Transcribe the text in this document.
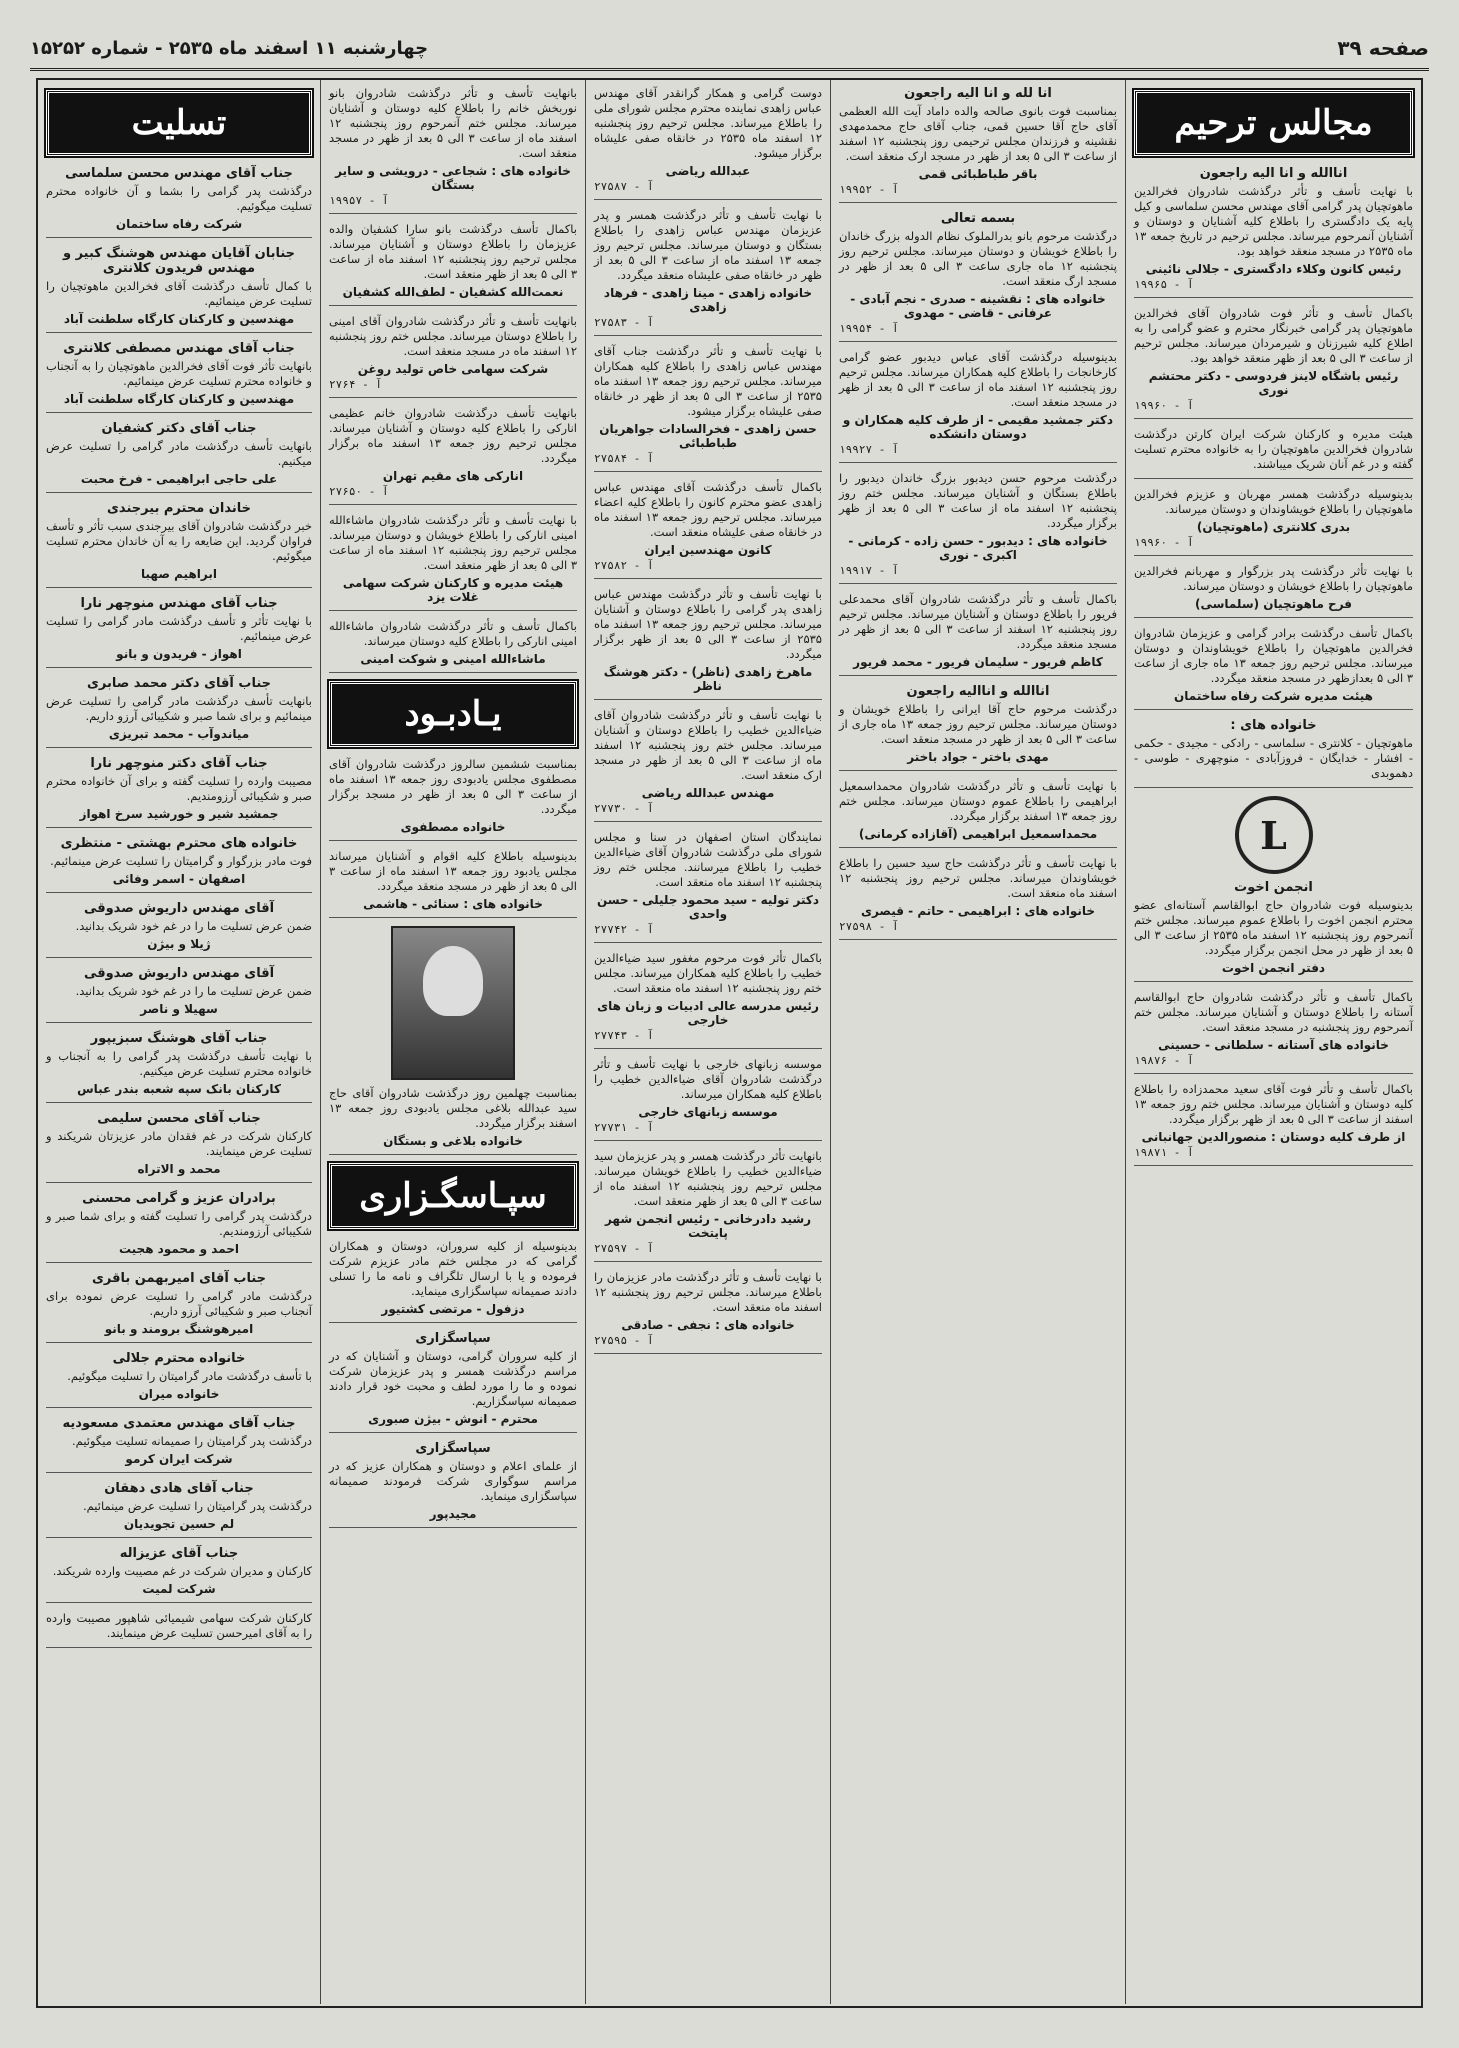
چهارشنبه ۱۱ اسفند ماه ۲۵۳۵ - شماره ۱۵۲۵۲	صفحه ۳۹
مجالس ترحیم
اناالله و انا الیه راجعون
با نهایت تأسف و تأثر درگذشت شادروان فخرالدین ماهوتچیان پدر گرامی آقای مهندس محسن سلماسی و کیل پایه یک دادگستری را باطلاع کلیه آشنایان و دوستان و آشنایان آنمرحوم میرساند. مجلس ترحیم در تاریخ جمعه ۱۳ ماه ۲۵۳۵ در مسجد منعقد خواهد بود.
رئیس کانون وکلاء دادگستری - جلالی نائینی
آ - ۱۹۹۶۵
باکمال تأسف و تأثر فوت شادروان آقای فخرالدین ماهوتچیان پدر گرامی خبرنگار محترم و عضو گرامی را به اطلاع کلیه شیرزنان و شیرمردان میرساند. مجلس ترحیم از ساعت ۳ الی ۵ بعد از ظهر منعقد خواهد بود.
رئیس باشگاه لاینز فردوسی - دکتر محتشم نوری
آ - ۱۹۹۶۰
هیئت مدیره و کارکنان شرکت ایران کارتن درگذشت شادروان فخرالدین ماهوتچیان را به خانواده محترم تسلیت گفته و در غم آنان شریک میباشند.
بدینوسیله درگذشت همسر مهربان و عزیزم فخرالدین ماهوتچیان را باطلاع خویشاوندان و دوستان میرساند.
بدری کلانتری (ماهوتچیان)
آ - ۱۹۹۶۰
با نهایت تأثر درگذشت پدر بزرگوار و مهربانم فخرالدین ماهوتچیان را باطلاع خویشان و دوستان میرساند.
فرح ماهوتچیان (سلماسی)
باکمال تأسف درگذشت برادر گرامی و عزیزمان شادروان فخرالدین ماهوتچیان را باطلاع خویشاوندان و دوستان میرساند. مجلس ترحیم روز جمعه ۱۳ ماه جاری از ساعت ۳ الی ۵ بعدازظهر در مسجد منعقد میگردد.
هیئت مدیره شرکت رفاه ساختمان
خانواده های :
ماهوتچیان - کلانتری - سلماسی - رادکی - مجیدی - حکمی - افشار - خدایگان - فروزآبادی - منوچهری - طوسی - دهموبدی
L
انجمن اخوت
بدینوسیله فوت شادروان حاج ابوالقاسم آستانه‌ای عضو محترم انجمن اخوت را باطلاع عموم میرساند. مجلس ختم آنمرحوم روز پنجشنبه ۱۲ اسفند ماه ۲۵۳۵ از ساعت ۳ الی ۵ بعد از ظهر در محل انجمن برگزار میگردد.
دفتر انجمن اخوت
باکمال تأسف و تأثر درگذشت شادروان حاج ابوالقاسم آستانه را باطلاع دوستان و آشنایان میرساند. مجلس ختم آنمرحوم روز پنجشنبه در مسجد منعقد است.
خانواده های آستانه - سلطانی - حسینی
آ - ۱۹۸۷۶
باکمال تأسف و تأثر فوت آقای سعید محمدزاده را باطلاع کلیه دوستان و آشنایان میرساند. مجلس ختم روز جمعه ۱۳ اسفند از ساعت ۳ الی ۵ بعد از ظهر برگزار میگردد.
از طرف کلیه دوستان : منصورالدین جهانبانی
آ - ۱۹۸۷۱
انا لله و انا الیه راجعون
بمناسبت فوت بانوی صالحه والده داماد آیت الله العظمی آقای حاج آقا حسین قمی، جناب آقای حاج محمدمهدی نقشینه و فرزندان مجلس ترحیمی روز پنجشنبه ۱۲ اسفند از ساعت ۳ الی ۵ بعد از ظهر در مسجد ارک منعقد است.
باقر طباطبائی قمی
آ - ۱۹۹۵۲
بسمه تعالی
درگذشت مرحوم بانو بدرالملوک نظام الدوله بزرگ خاندان را باطلاع خویشان و دوستان میرساند. مجلس ترحیم روز پنجشنبه ۱۲ ماه جاری ساعت ۳ الی ۵ بعد از ظهر در مسجد ارگ منعقد است.
خانواده های : نقشینه - صدری - نجم آبادی - عرفانی - قاضی - مهدوی
آ - ۱۹۹۵۴
بدینوسیله درگذشت آقای عباس دیدبور عضو گرامی کارخانجات را باطلاع کلیه همکاران میرساند. مجلس ترحیم روز پنجشنبه ۱۲ اسفند ماه از ساعت ۳ الی ۵ بعد از ظهر در مسجد منعقد است.
دکتر جمشید مقیمی - از طرف کلیه همکاران و دوستان دانشکده
آ - ۱۹۹۲۷
درگذشت مرحوم حسن دیدبور بزرگ خاندان دیدبور را باطلاع بستگان و آشنایان میرساند. مجلس ختم روز پنجشنبه ۱۲ اسفند ماه از ساعت ۳ الی ۵ بعد از ظهر برگزار میگردد.
خانواده های : دیدبور - حسن زاده - کرمانی - اکبری - نوری
آ - ۱۹۹۱۷
باکمال تأسف و تأثر درگذشت شادروان آقای محمدعلی فریور را باطلاع دوستان و آشنایان میرساند. مجلس ترحیم روز پنجشنبه ۱۲ اسفند از ساعت ۳ الی ۵ بعد از ظهر در مسجد منعقد میگردد.
کاظم فریور - سلیمان فریور - محمد فریور
اناالله و اناالیه راجعون
درگذشت مرحوم حاج آقا ایرانی را باطلاع خویشان و دوستان میرساند. مجلس ترحیم روز جمعه ۱۳ ماه جاری از ساعت ۳ الی ۵ بعد از ظهر در مسجد منعقد است.
مهدی باختر - جواد باختر
با نهایت تأسف و تأثر درگذشت شادروان محمداسمعیل ابراهیمی را باطلاع عموم دوستان میرساند. مجلس ختم روز جمعه ۱۳ اسفند برگزار میگردد.
محمداسمعیل ابراهیمی (آقازاده کرمانی)
با نهایت تأسف و تأثر درگذشت حاج سید حسین را باطلاع خویشاوندان میرساند. مجلس ترحیم روز پنجشنبه ۱۲ اسفند ماه منعقد است.
خانواده های : ابراهیمی - حاتم - قیصری
آ - ۲۷۵۹۸
دوست گرامی و همکار گرانقدر آقای مهندس عباس زاهدی نماینده محترم مجلس شورای ملی را باطلاع میرساند. مجلس ترحیم روز پنجشنبه ۱۲ اسفند ماه ۲۵۳۵ در خانقاه صفی علیشاه برگزار میشود.
عبدالله ریاضی
آ - ۲۷۵۸۷
با نهایت تأسف و تأثر درگذشت همسر و پدر عزیزمان مهندس عباس زاهدی را باطلاع بستگان و دوستان میرساند. مجلس ترحیم روز جمعه ۱۳ اسفند ماه از ساعت ۳ الی ۵ بعد از ظهر در خانقاه صفی علیشاه منعقد میگردد.
خانواده زاهدی - مینا زاهدی - فرهاد زاهدی
آ - ۲۷۵۸۳
با نهایت تأسف و تأثر درگذشت جناب آقای مهندس عباس زاهدی را باطلاع کلیه همکاران میرساند. مجلس ترحیم روز جمعه ۱۳ اسفند ماه ۲۵۳۵ از ساعت ۳ الی ۵ بعد از ظهر در خانقاه صفی علیشاه برگزار میشود.
حسن زاهدی - فخرالسادات جواهریان طباطبائی
آ - ۲۷۵۸۴
باکمال تأسف درگذشت آقای مهندس عباس زاهدی عضو محترم کانون را باطلاع کلیه اعضاء میرساند. مجلس ترحیم روز جمعه ۱۳ اسفند ماه در خانقاه صفی علیشاه منعقد است.
کانون مهندسین ایران
آ - ۲۷۵۸۲
با نهایت تأسف و تأثر درگذشت مهندس عباس زاهدی پدر گرامی را باطلاع دوستان و آشنایان میرساند. مجلس ترحیم روز جمعه ۱۳ اسفند ماه ۲۵۳۵ از ساعت ۳ الی ۵ بعد از ظهر برگزار میگردد.
ماهرخ زاهدی (ناظر) - دکتر هوشنگ ناظر
با نهایت تأسف و تأثر درگذشت شادروان آقای ضیاءالدین خطیب را باطلاع دوستان و آشنایان میرساند. مجلس ختم روز پنجشنبه ۱۲ اسفند ماه از ساعت ۳ الی ۵ بعد از ظهر در مسجد ارک منعقد است.
مهندس عبدالله ریاضی
آ - ۲۷۷۳۰
نمایندگان استان اصفهان در سنا و مجلس شورای ملی درگذشت شادروان آقای ضیاءالدین خطیب را باطلاع میرسانند. مجلس ختم روز پنجشنبه ۱۲ اسفند ماه منعقد است.
دکتر تولیه - سید محمود جلیلی - حسن واحدی
آ - ۲۷۷۴۲
باکمال تأثر فوت مرحوم مغفور سید ضیاءالدین خطیب را باطلاع کلیه همکاران میرساند. مجلس ختم روز پنجشنبه ۱۲ اسفند ماه منعقد است.
رئیس مدرسه عالی ادبیات و زبان های خارجی
آ - ۲۷۷۴۳
موسسه زبانهای خارجی با نهایت تأسف و تأثر درگذشت شادروان آقای ضیاءالدین خطیب را باطلاع کلیه همکاران میرساند.
موسسه زبانهای خارجی
آ - ۲۷۷۳۱
بانهایت تأثر درگذشت همسر و پدر عزیزمان سید ضیاءالدین خطیب را باطلاع خویشان میرساند. مجلس ترحیم روز پنجشنبه ۱۲ اسفند ماه از ساعت ۳ الی ۵ بعد از ظهر منعقد است.
رشید دادرخانی - رئیس انجمن شهر پایتخت
آ - ۲۷۵۹۷
با نهایت تأسف و تأثر درگذشت مادر عزیزمان را باطلاع میرساند. مجلس ترحیم روز پنجشنبه ۱۲ اسفند ماه منعقد است.
خانواده های : نجفی - صادقی
آ - ۲۷۵۹۵
بانهایت تأسف و تأثر درگذشت شادروان بانو نوربخش خانم را باطلاع کلیه دوستان و آشنایان میرساند. مجلس ختم آنمرحوم روز پنجشنبه ۱۲ اسفند ماه از ساعت ۳ الی ۵ بعد از ظهر در مسجد منعقد است.
خانواده های : شجاعی - درویشی و سایر بستگان
آ - ۱۹۹۵۷
باکمال تأسف درگذشت بانو سارا کشفیان والده عزیزمان را باطلاع دوستان و آشنایان میرساند. مجلس ترحیم روز پنجشنبه ۱۲ اسفند ماه از ساعت ۳ الی ۵ بعد از ظهر منعقد است.
نعمت‌الله کشفیان - لطف‌الله کشفیان
بانهایت تأسف و تأثر درگذشت شادروان آقای امینی را باطلاع دوستان میرساند. مجلس ختم روز پنجشنبه ۱۲ اسفند ماه در مسجد منعقد است.
شرکت سهامی خاص تولید روغن
آ - ۲۷۶۴
بانهایت تأسف درگذشت شادروان خانم عظیمی انارکی را باطلاع کلیه دوستان و آشنایان میرساند. مجلس ترحیم روز جمعه ۱۳ اسفند ماه برگزار میگردد.
انارکی های مقیم تهران
آ - ۲۷۶۵۰
با نهایت تأسف و تأثر درگذشت شادروان ماشاءالله امینی انارکی را باطلاع خویشان و دوستان میرساند. مجلس ترحیم روز پنجشنبه ۱۲ اسفند ماه از ساعت ۳ الی ۵ بعد از ظهر منعقد است.
هیئت مدیره و کارکنان شرکت سهامی غلات یزد
باکمال تأسف و تأثر درگذشت شادروان ماشاءالله امینی انارکی را باطلاع کلیه دوستان میرساند.
ماشاءالله امینی و شوکت امینی
یـادبـود
بمناسبت ششمین سالروز درگذشت شادروان آقای مصطفوی مجلس یادبودی روز جمعه ۱۳ اسفند ماه از ساعت ۳ الی ۵ بعد از ظهر در مسجد برگزار میگردد.
خانواده مصطفوی
بدینوسیله باطلاع کلیه اقوام و آشنایان میرساند مجلس یادبود روز جمعه ۱۳ اسفند ماه از ساعت ۳ الی ۵ بعد از ظهر در مسجد منعقد میگردد.
خانواده های : سنائی - هاشمی
بمناسبت چهلمین روز درگذشت شادروان آقای حاج سید عبدالله بلاغی مجلس یادبودی روز جمعه ۱۳ اسفند برگزار میگردد.
خانواده بلاغی و بستگان
سپـاسگـزاری
بدینوسیله از کلیه سروران، دوستان و همکاران گرامی که در مجلس ختم مادر عزیزم شرکت فرموده و یا با ارسال تلگراف و نامه ما را تسلی دادند صمیمانه سپاسگزاری مینماید.
دزفول - مرتضی کشتیور
سپاسگزاری
از کلیه سروران گرامی، دوستان و آشنایان که در مراسم درگذشت همسر و پدر عزیزمان شرکت نموده و ما را مورد لطف و محبت خود قرار دادند صمیمانه سپاسگزاریم.
محترم - انوش - بیژن صبوری
سپاسگزاری
از علمای اعلام و دوستان و همکاران عزیز که در مراسم سوگواری شرکت فرمودند صمیمانه سپاسگزاری مینماید.
مجیدپور
تسلیت
جناب آقای مهندس محسن سلماسی
درگذشت پدر گرامی را بشما و آن خانواده محترم تسلیت میگوئیم.
شرکت رفاه ساختمان
جنابان آقایان مهندس هوشنگ کبیر و مهندس فریدون کلانتری
با کمال تأسف درگذشت آقای فخرالدین ماهوتچیان را تسلیت عرض مینمائیم.
مهندسین و کارکنان کارگاه سلطنت آباد
جناب آقای مهندس مصطفی کلانتری
بانهایت تأثر فوت آقای فخرالدین ماهوتچیان را به آنجناب و خانواده محترم تسلیت عرض مینمائیم.
مهندسین و کارکنان کارگاه سلطنت آباد
جناب آقای دکتر کشفیان
بانهایت تأسف درگذشت مادر گرامی را تسلیت عرض میکنیم.
علی حاجی ابراهیمی - فرخ محبت
خاندان محترم بیرجندی
خبر درگذشت شادروان آقای بیرجندی سبب تأثر و تأسف فراوان گردید. این ضایعه را به آن خاندان محترم تسلیت میگوئیم.
ابراهیم صهبا
جناب آقای مهندس منوچهر نارا
با نهایت تأثر و تأسف درگذشت مادر گرامی را تسلیت عرض مینمائیم.
اهواز - فریدون و بانو
جناب آقای دکتر محمد صابری
بانهایت تأسف درگذشت مادر گرامی را تسلیت عرض مینمائیم و برای شما صبر و شکیبائی آرزو داریم.
میاندوآب - محمد تبریزی
جناب آقای دکتر منوچهر نارا
مصیبت وارده را تسلیت گفته و برای آن خانواده محترم صبر و شکیبائی آرزومندیم.
جمشید شیر و خورشید سرخ اهواز
خانواده های محترم بهشتی - منتظری
فوت مادر بزرگوار و گرامیتان را تسلیت عرض مینمائیم.
اصفهان - اسمر وفائی
آقای مهندس داریوش صدوقی
ضمن عرض تسلیت ما را در غم خود شریک بدانید.
ژیلا و بیژن
آقای مهندس داریوش صدوقی
ضمن عرض تسلیت ما را در غم خود شریک بدانید.
سهیلا و ناصر
جناب آقای هوشنگ سبزیپور
با نهایت تأسف درگذشت پدر گرامی را به آنجناب و خانواده محترم تسلیت عرض میکنیم.
کارکنان بانک سپه شعبه بندر عباس
جناب آقای محسن سلیمی
کارکنان شرکت در غم فقدان مادر عزیزتان شریکند و تسلیت عرض مینمایند.
محمد و الاتراه
برادران عزیز و گرامی محسنی
درگذشت پدر گرامی را تسلیت گفته و برای شما صبر و شکیبائی آرزومندیم.
احمد و محمود هجیت
جناب آقای امیربهمن باقری
درگذشت مادر گرامی را تسلیت عرض نموده برای آنجناب صبر و شکیبائی آرزو داریم.
امیرهوشنگ برومند و بانو
خانواده محترم جلالی
با تأسف درگذشت مادر گرامیتان را تسلیت میگوئیم.
خانواده میران
جناب آقای مهندس معتمدی مسعودیه
درگذشت پدر گرامیتان را صمیمانه تسلیت میگوئیم.
شرکت ایران کرمو
جناب آقای هادی دهقان
درگذشت پدر گرامیتان را تسلیت عرض مینمائیم.
لم حسین تجویدیان
جناب آقای عزیزاله
کارکنان و مدیران شرکت در غم مصیبت وارده شریکند.
شرکت لمیت
کارکنان شرکت سهامی شیمیائی شاهپور مصیبت وارده را به آقای امیرحسن تسلیت عرض مینمایند.
